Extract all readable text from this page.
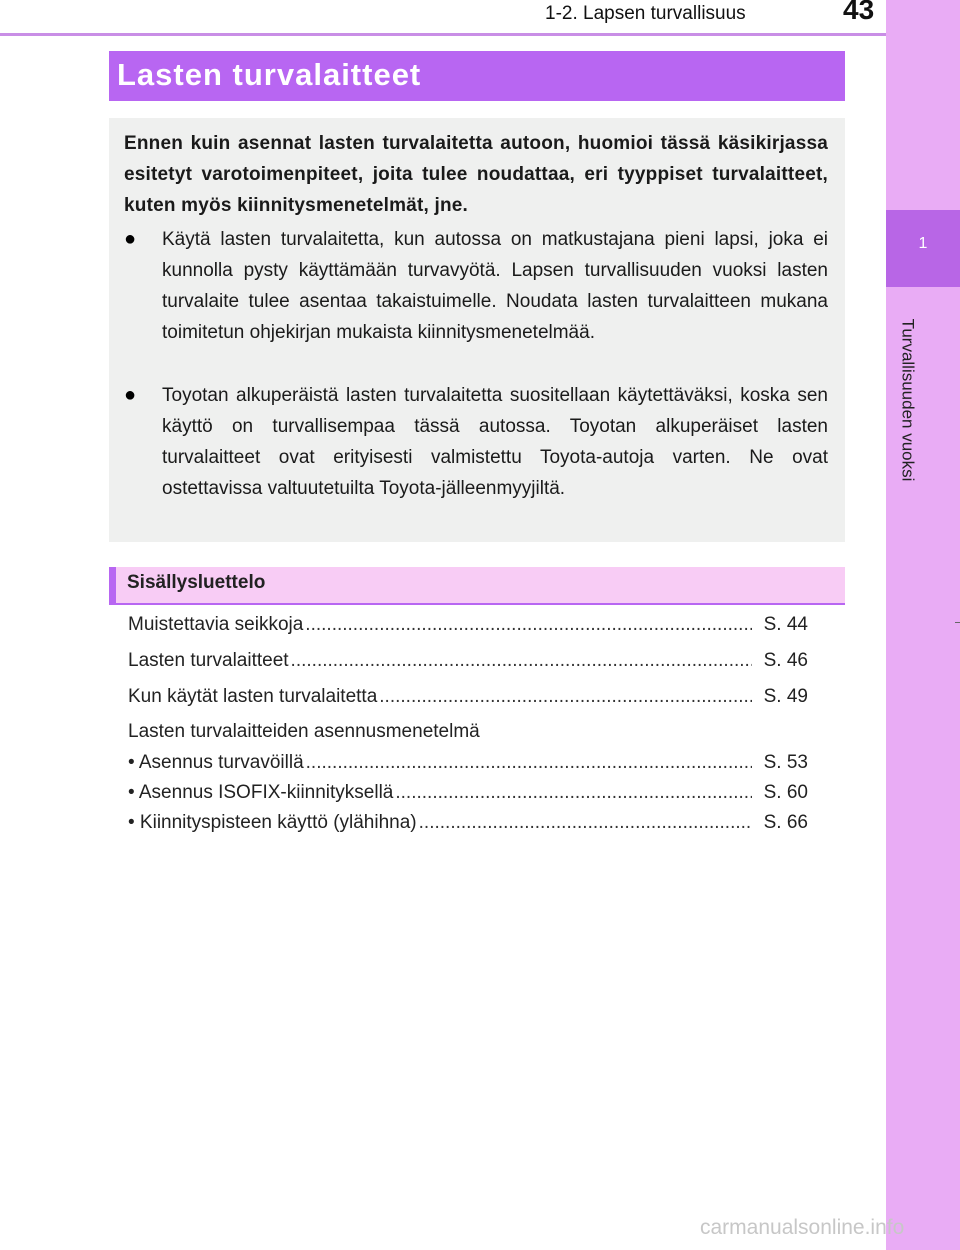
1-2. Lapsen turvallisuus	43
1
Turvallisuuden vuoksi
Lasten turvalaitteet
Ennen kuin asennat lasten turvalaitetta autoon, huomioi tässä käsikirjassa esitetyt varotoimenpiteet, joita tulee noudattaa, eri tyyppiset turvalaitteet, kuten myös kiinnitysmenetelmät, jne.
● Käytä lasten turvalaitetta, kun autossa on matkustajana pieni lapsi, joka ei kunnolla pysty käyttämään turvavyötä. Lapsen turvallisuuden vuoksi lasten turvalaite tulee asentaa takaistuimelle. Noudata lasten turvalaitteen mukana toimitetun ohjekirjan mukaista kiinnitysmenetelmää.
● Toyotan alkuperäistä lasten turvalaitetta suositellaan käytettäväksi, koska sen käyttö on turvallisempaa tässä autossa. Toyotan alkuperäiset lasten turvalaitteet ovat erityisesti valmistettu Toyota-autoja varten. Ne ovat ostettavissa valtuutetuilta Toyota-jälleenmyyjiltä.
Sisällysluettelo
Muistettavia seikkoja .....	S. 44
Lasten turvalaitteet .....	S. 46
Kun käytät lasten turvalaitetta .....	S. 49
Lasten turvalaitteiden asennusmenetelmä
• Asennus turvavöillä .....	S. 53
• Asennus ISOFIX-kiinnityksellä .....	S. 60
• Kiinnityspisteen käyttö (ylähihna) .....	S. 66
carmanualsonline.info
